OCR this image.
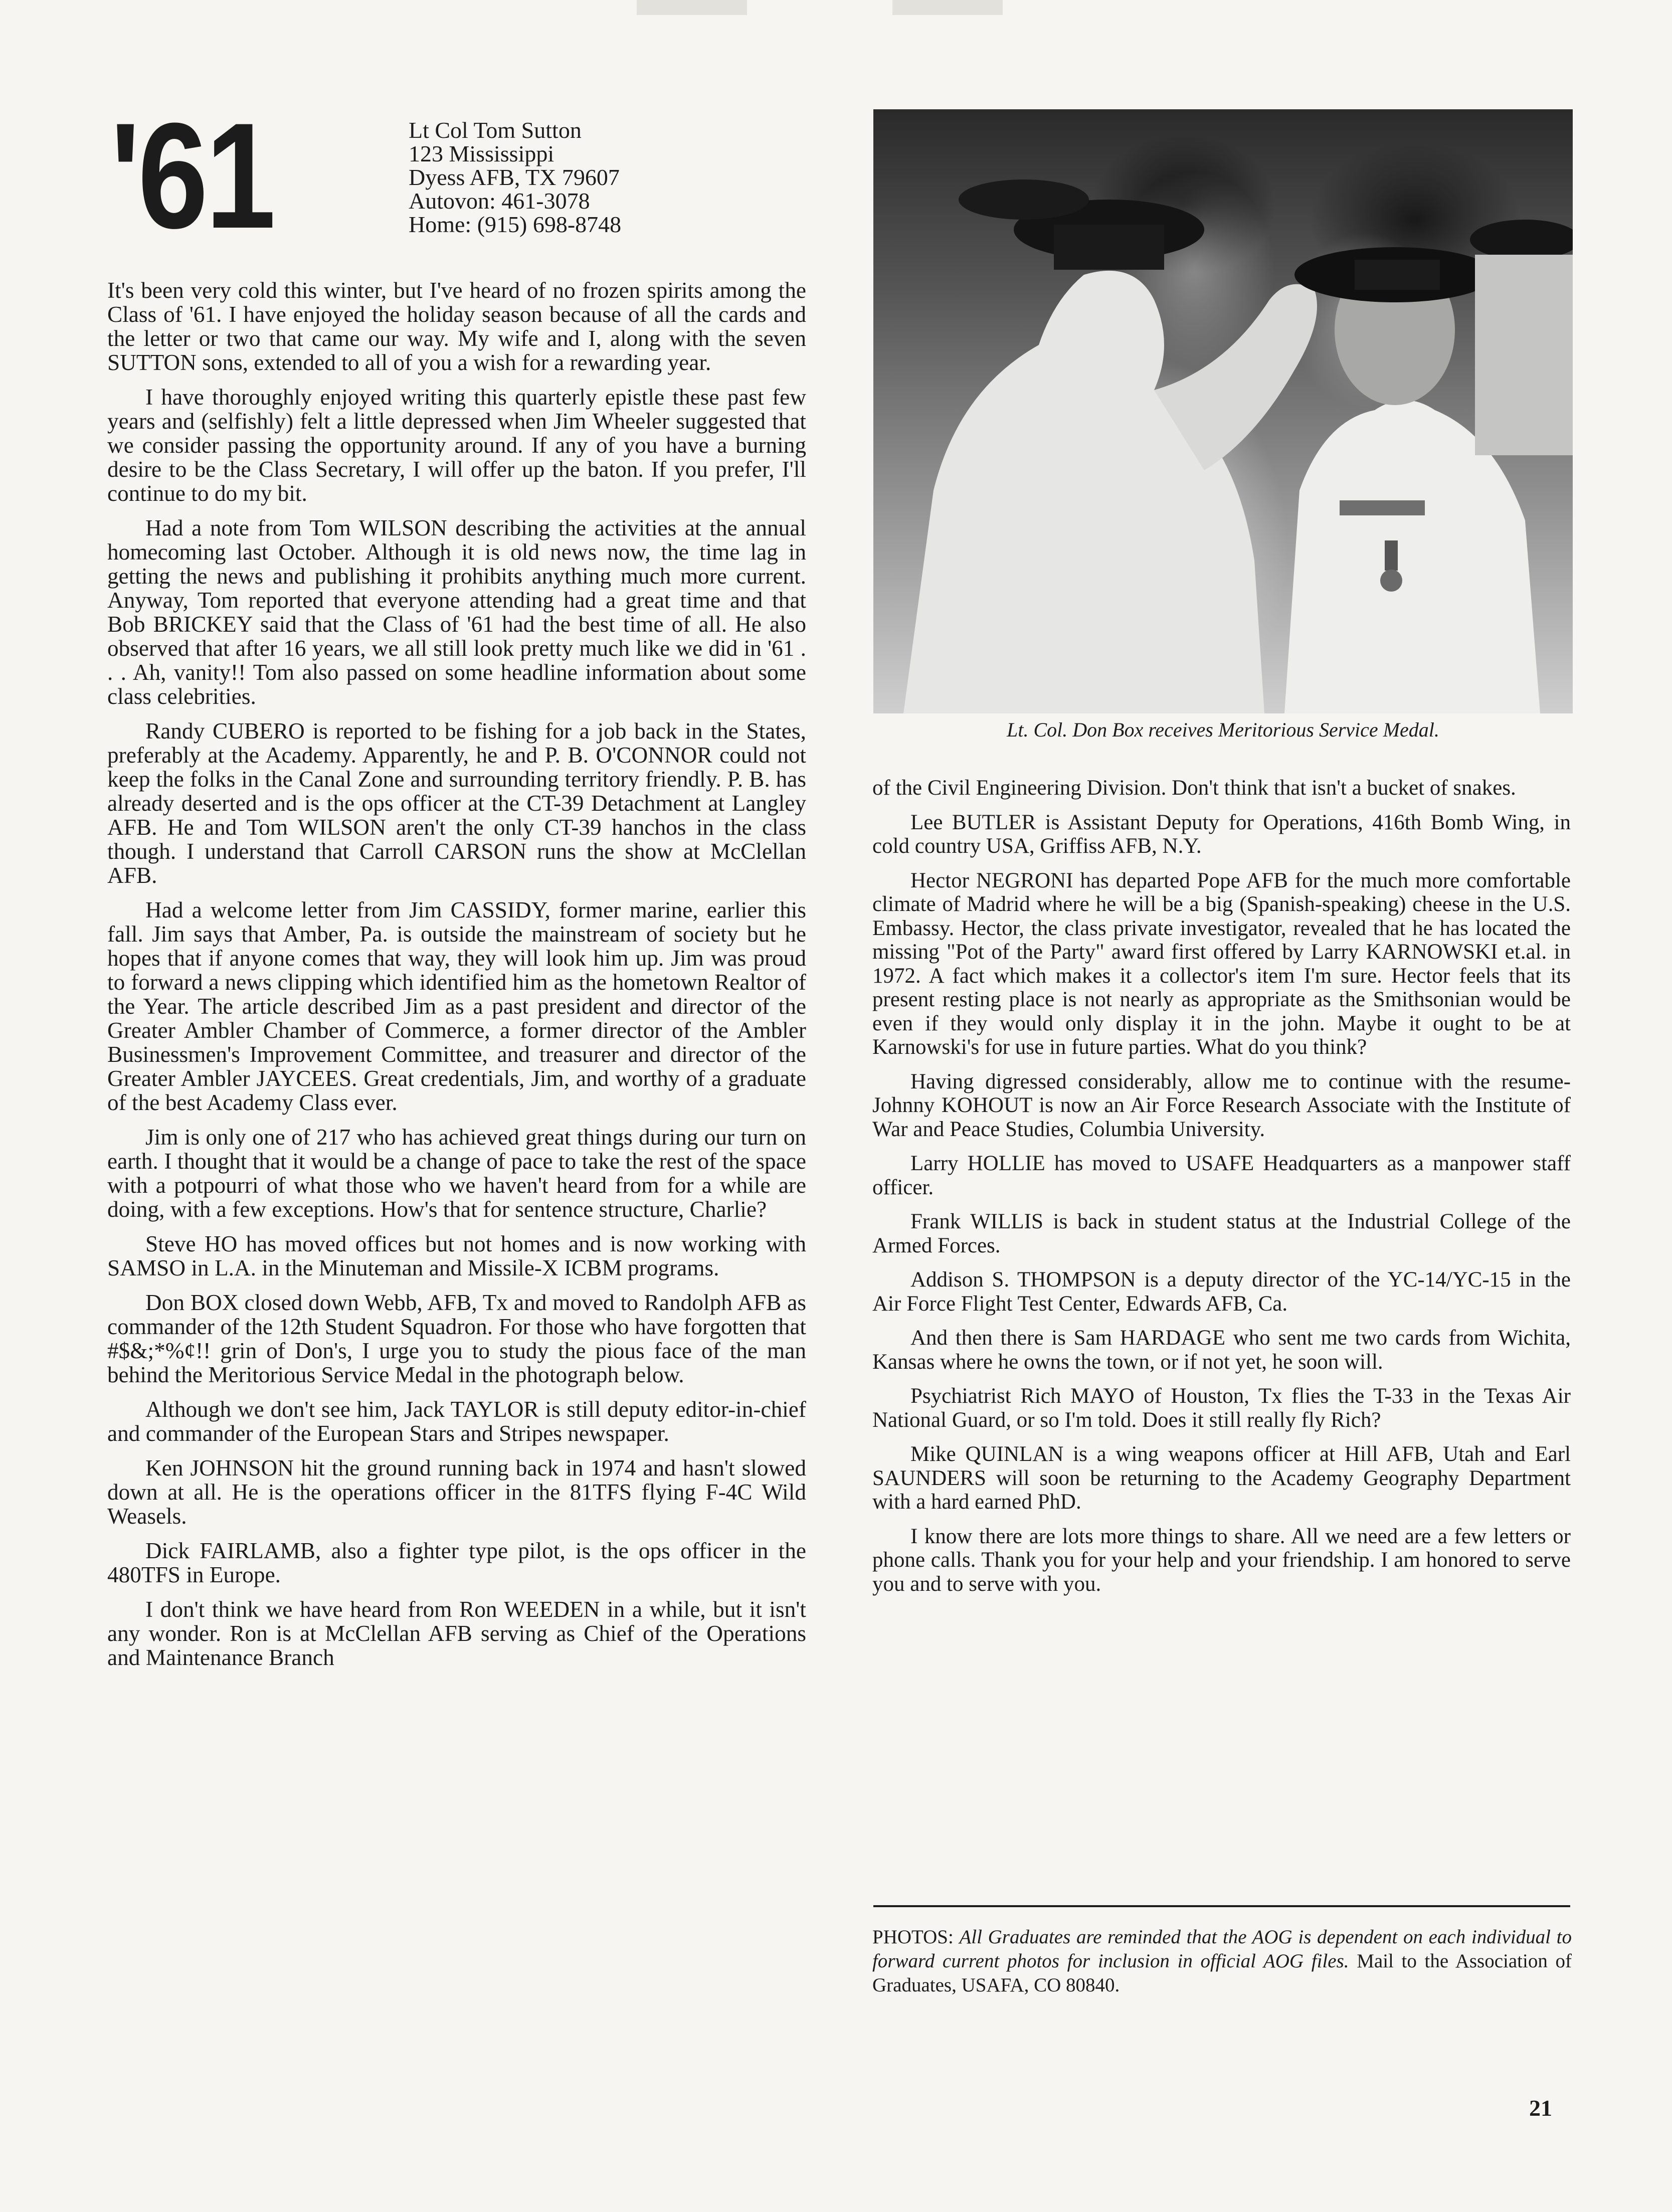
'61	Lt Col Tom Sutton
123 Mississippi
Dyess AFB, TX 79607
Autovon: 461-3078
Home: (915) 698-8748

It's been very cold this winter, but I've heard of no frozen spirits among the Class of '61. I have enjoyed the holiday season because of all the cards and the letter or two that came our way. My wife and I, along with the seven SUTTON sons, extended to all of you a wish for a rewarding year.

I have thoroughly enjoyed writing this quarterly epistle these past few years and (selfishly) felt a little depressed when Jim Wheeler suggested that we consider passing the opportunity around. If any of you have a burning desire to be the Class Secretary, I will offer up the baton. If you prefer, I'll continue to do my bit.

Had a note from Tom WILSON describing the activities at the annual homecoming last October. Although it is old news now, the time lag in getting the news and publishing it prohibits anything much more current. Anyway, Tom reported that everyone attending had a great time and that Bob BRICKEY said that the Class of '61 had the best time of all. He also observed that after 16 years, we all still look pretty much like we did in '61 . . . Ah, vanity!! Tom also passed on some headline information about some class celebrities.

Randy CUBERO is reported to be fishing for a job back in the States, preferably at the Academy. Apparently, he and P. B. O'CONNOR could not keep the folks in the Canal Zone and surrounding territory friendly. P. B. has already deserted and is the ops officer at the CT-39 Detachment at Langley AFB. He and Tom WILSON aren't the only CT-39 hanchos in the class though. I understand that Carroll CARSON runs the show at McClellan AFB.

Had a welcome letter from Jim CASSIDY, former marine, earlier this fall. Jim says that Amber, Pa. is outside the mainstream of society but he hopes that if anyone comes that way, they will look him up. Jim was proud to forward a news clipping which identified him as the hometown Realtor of the Year. The article described Jim as a past president and director of the Greater Ambler Chamber of Commerce, a former director of the Ambler Businessmen's Improvement Committee, and treasurer and director of the Greater Ambler JAYCEES. Great credentials, Jim, and worthy of a graduate of the best Academy Class ever.

Jim is only one of 217 who has achieved great things during our turn on earth. I thought that it would be a change of pace to take the rest of the space with a potpourri of what those who we haven't heard from for a while are doing, with a few exceptions. How's that for sentence structure, Charlie?

Steve HO has moved offices but not homes and is now working with SAMSO in L.A. in the Minuteman and Missile-X ICBM programs.

Don BOX closed down Webb, AFB, Tx and moved to Randolph AFB as commander of the 12th Student Squadron. For those who have forgotten that #$&;*%¢!! grin of Don's, I urge you to study the pious face of the man behind the Meritorious Service Medal in the photograph below.

Although we don't see him, Jack TAYLOR is still deputy editor-in-chief and commander of the European Stars and Stripes newspaper.

Ken JOHNSON hit the ground running back in 1974 and hasn't slowed down at all. He is the operations officer in the 81TFS flying F-4C Wild Weasels.

Dick FAIRLAMB, also a fighter type pilot, is the ops officer in the 480TFS in Europe.

I don't think we have heard from Ron WEEDEN in a while, but it isn't any wonder. Ron is at McClellan AFB serving as Chief of the Operations and Maintenance Branch

Lt. Col. Don Box receives Meritorious Service Medal.

of the Civil Engineering Division. Don't think that isn't a bucket of snakes.

Lee BUTLER is Assistant Deputy for Operations, 416th Bomb Wing, in cold country USA, Griffiss AFB, N.Y.

Hector NEGRONI has departed Pope AFB for the much more comfortable climate of Madrid where he will be a big (Spanish-speaking) cheese in the U.S. Embassy. Hector, the class private investigator, revealed that he has located the missing "Pot of the Party" award first offered by Larry KARNOWSKI et.al. in 1972. A fact which makes it a collector's item I'm sure. Hector feels that its present resting place is not nearly as appropriate as the Smithsonian would be even if they would only display it in the john. Maybe it ought to be at Karnowski's for use in future parties. What do you think?

Having digressed considerably, allow me to continue with the resume-Johnny KOHOUT is now an Air Force Research Associate with the Institute of War and Peace Studies, Columbia University.

Larry HOLLIE has moved to USAFE Headquarters as a manpower staff officer.

Frank WILLIS is back in student status at the Industrial College of the Armed Forces.

Addison S. THOMPSON is a deputy director of the YC-14/YC-15 in the Air Force Flight Test Center, Edwards AFB, Ca.

And then there is Sam HARDAGE who sent me two cards from Wichita, Kansas where he owns the town, or if not yet, he soon will.

Psychiatrist Rich MAYO of Houston, Tx flies the T-33 in the Texas Air National Guard, or so I'm told. Does it still really fly Rich?

Mike QUINLAN is a wing weapons officer at Hill AFB, Utah and Earl SAUNDERS will soon be returning to the Academy Geography Department with a hard earned PhD.

I know there are lots more things to share. All we need are a few letters or phone calls. Thank you for your help and your friendship. I am honored to serve you and to serve with you.

PHOTOS: All Graduates are reminded that the AOG is dependent on each individual to forward current photos for inclusion in official AOG files. Mail to the Association of Graduates, USAFA, CO 80840.
21
